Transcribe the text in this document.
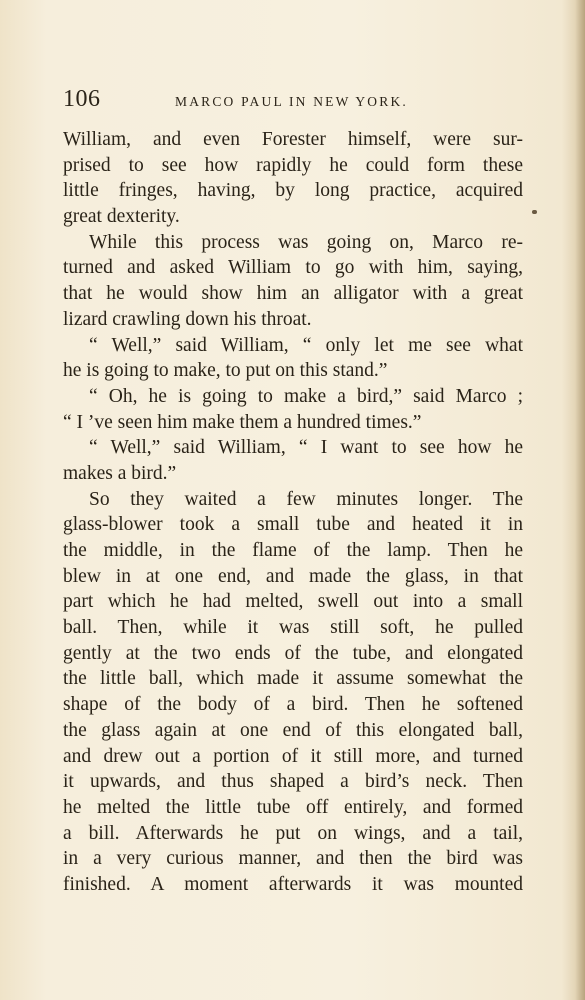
106	MARCO PAUL IN NEW YORK.
William, and even Forester himself, were sur-
prised to see how rapidly he could form these
little fringes, having, by long practice, acquired
great dexterity.
While this process was going on, Marco re-
turned and asked William to go with him, saying,
that he would show him an alligator with a great
lizard crawling down his throat.
“ Well,” said William, “ only let me see what
he is going to make, to put on this stand.”
“ Oh, he is going to make a bird,” said Marco ;
“ I ’ve seen him make them a hundred times.”
“ Well,” said William, “ I want to see how he
makes a bird.”
So they waited a few minutes longer. The
glass-blower took a small tube and heated it in
the middle, in the flame of the lamp. Then he
blew in at one end, and made the glass, in that
part which he had melted, swell out into a small
ball. Then, while it was still soft, he pulled
gently at the two ends of the tube, and elongated
the little ball, which made it assume somewhat the
shape of the body of a bird. Then he softened
the glass again at one end of this elongated ball,
and drew out a portion of it still more, and turned
it upwards, and thus shaped a bird’s neck. Then
he melted the little tube off entirely, and formed
a bill. Afterwards he put on wings, and a tail,
in a very curious manner, and then the bird was
finished. A moment afterwards it was mounted
